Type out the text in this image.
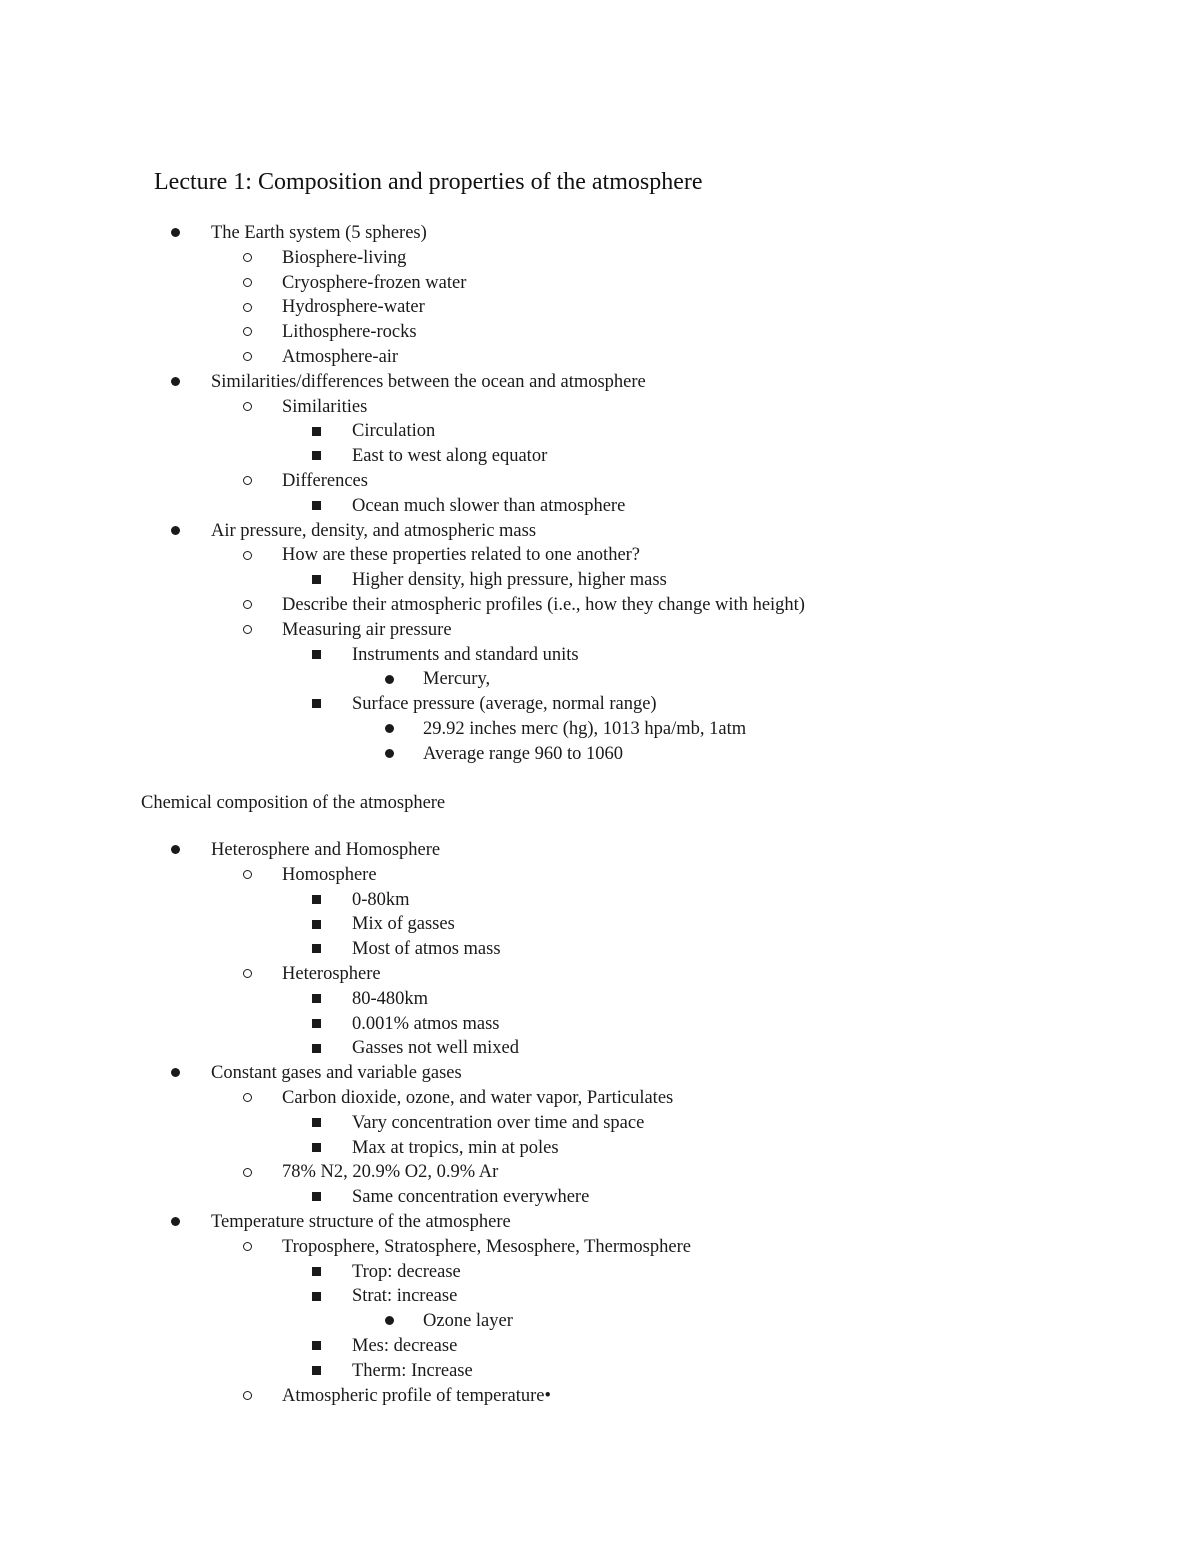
Lecture 1: Composition and properties of the atmosphere
The Earth system (5 spheres)
Biosphere-living
Cryosphere-frozen water
Hydrosphere-water
Lithosphere-rocks
Atmosphere-air
Similarities/differences between the ocean and atmosphere
Similarities
Circulation
East to west along equator
Differences
Ocean much slower than atmosphere
Air pressure, density, and atmospheric mass
How are these properties related to one another?
Higher density, high pressure, higher mass
Describe their atmospheric profiles (i.e., how they change with height)
Measuring air pressure
Instruments and standard units
Mercury,
Surface pressure (average, normal range)
29.92 inches merc (hg), 1013 hpa/mb, 1atm
Average range 960 to 1060
Chemical composition of the atmosphere
Heterosphere and Homosphere
Homosphere
0-80km
Mix of gasses
Most of atmos mass
Heterosphere
80-480km
0.001% atmos mass
Gasses not well mixed
Constant gases and variable gases
Carbon dioxide, ozone, and water vapor, Particulates
Vary concentration over time and space
Max at tropics, min at poles
78% N2, 20.9% O2, 0.9% Ar
Same concentration everywhere
Temperature structure of the atmosphere
Troposphere, Stratosphere, Mesosphere, Thermosphere
Trop: decrease
Strat: increase
Ozone layer
Mes: decrease
Therm: Increase
Atmospheric profile of temperature•
